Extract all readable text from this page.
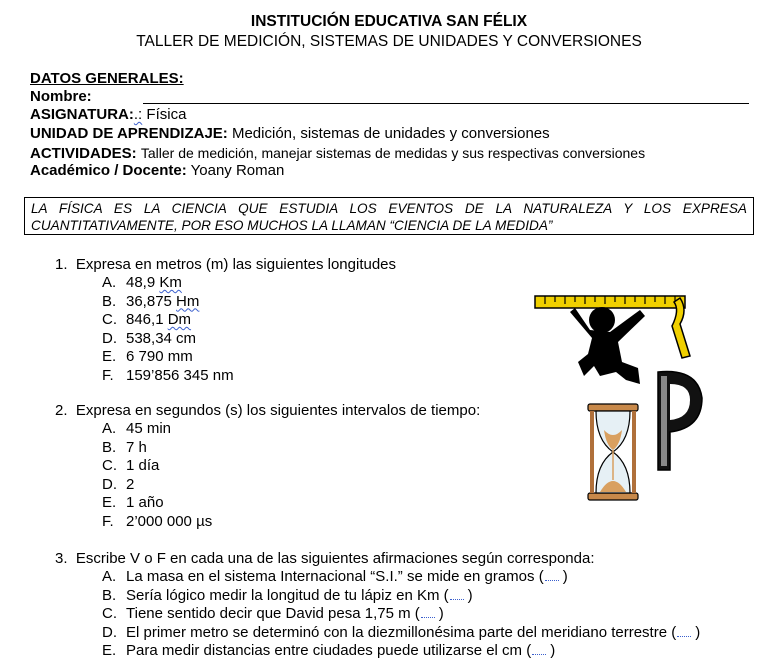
INSTITUCIÓN EDUCATIVA SAN FÉLIX
TALLER DE MEDICIÓN, SISTEMAS DE UNIDADES Y CONVERSIONES
DATOS GENERALES:
Nombre:
ASIGNATURA:.: Física
UNIDAD DE APRENDIZAJE: Medición, sistemas de unidades y conversiones
ACTIVIDADES: Taller de medición, manejar sistemas de medidas y sus respectivas conversiones
Académico / Docente: Yoany Roman
LA FÍSICA ES LA CIENCIA QUE ESTUDIA LOS EVENTOS DE LA NATURALEZA Y LOS EXPRESA CUANTITATIVAMENTE, POR ESO MUCHOS LA LLAMAN “CIENCIA DE LA MEDIDA”
1. Expresa en metros (m) las siguientes longitudes
A. 48,9 Km
B. 36,875 Hm
C. 846,1 Dm
D. 538,34 cm
E. 6 790 mm
F. 159’856 345 nm
2. Expresa en segundos (s) los siguientes intervalos de tiempo:
A. 45 min
B. 7 h
C. 1 día
D. 2
E. 1 año
F. 2’000 000 µs
3. Escribe V o F en cada una de las siguientes afirmaciones según corresponda:
A. La masa en el sistema Internacional “S.I.” se mide en gramos ( )
B. Sería lógico medir la longitud de tu lápiz en Km ( )
C. Tiene sentido decir que David pesa 1,75 m ( )
D. El primer metro se determinó con la diezmillonésima parte del meridiano terrestre ( )
E. Para medir distancias entre ciudades puede utilizarse el cm ( )
